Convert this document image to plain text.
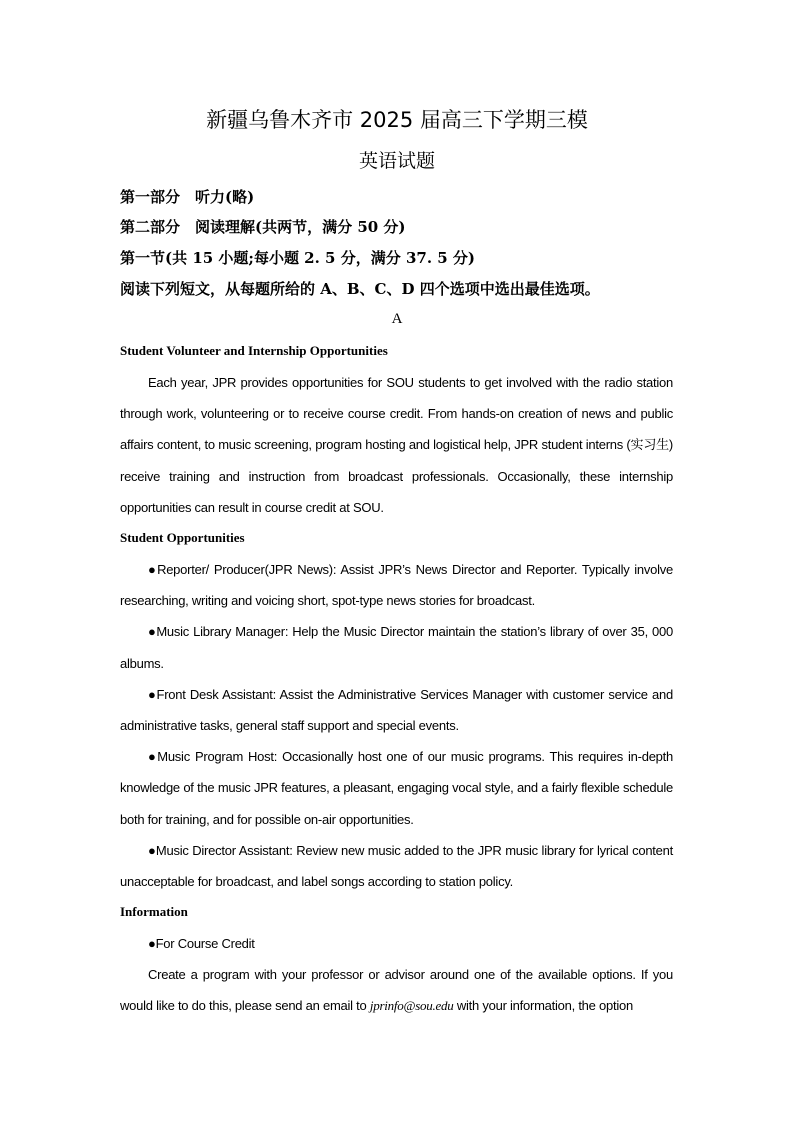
新疆乌鲁木齐市 2025 届高三下学期三模
英语试题
第一部分　听力(略)
第二部分　阅读理解(共两节，满分 50 分)
第一节(共 15 小题;每小题 2. 5 分，满分 37. 5 分)
阅读下列短文，从每题所给的 A、B、C、D 四个选项中选出最佳选项。
A
Student Volunteer and Internship Opportunities

Each year, JPR provides opportunities for SOU students to get involved with the radio station through work, volunteering or to receive course credit. From hands-on creation of news and public affairs content, to music screening, program hosting and logistical help, JPR student interns (实习生) receive training and instruction from broadcast professionals. Occasionally, these internship opportunities can result in course credit at SOU.

Student Opportunities

●Reporter/ Producer(JPR News): Assist JPR’s News Director and Reporter. Typically involve researching, writing and voicing short, spot-type news stories for broadcast.

●Music Library Manager: Help the Music Director maintain the station’s library of over 35, 000 albums.

●Front Desk Assistant: Assist the Administrative Services Manager with customer service and administrative tasks, general staff support and special events.

●Music Program Host: Occasionally host one of our music programs. This requires in-depth knowledge of the music JPR features, a pleasant, engaging vocal style, and a fairly flexible schedule both for training, and for possible on-air opportunities.

●Music Director Assistant: Review new music added to the JPR music library for lyrical content unacceptable for broadcast, and label songs according to station policy.

Information

●For Course Credit

Create a program with your professor or advisor around one of the available options. If you would like to do this, please send an email to jprinfo@sou.edu with your information, the option
